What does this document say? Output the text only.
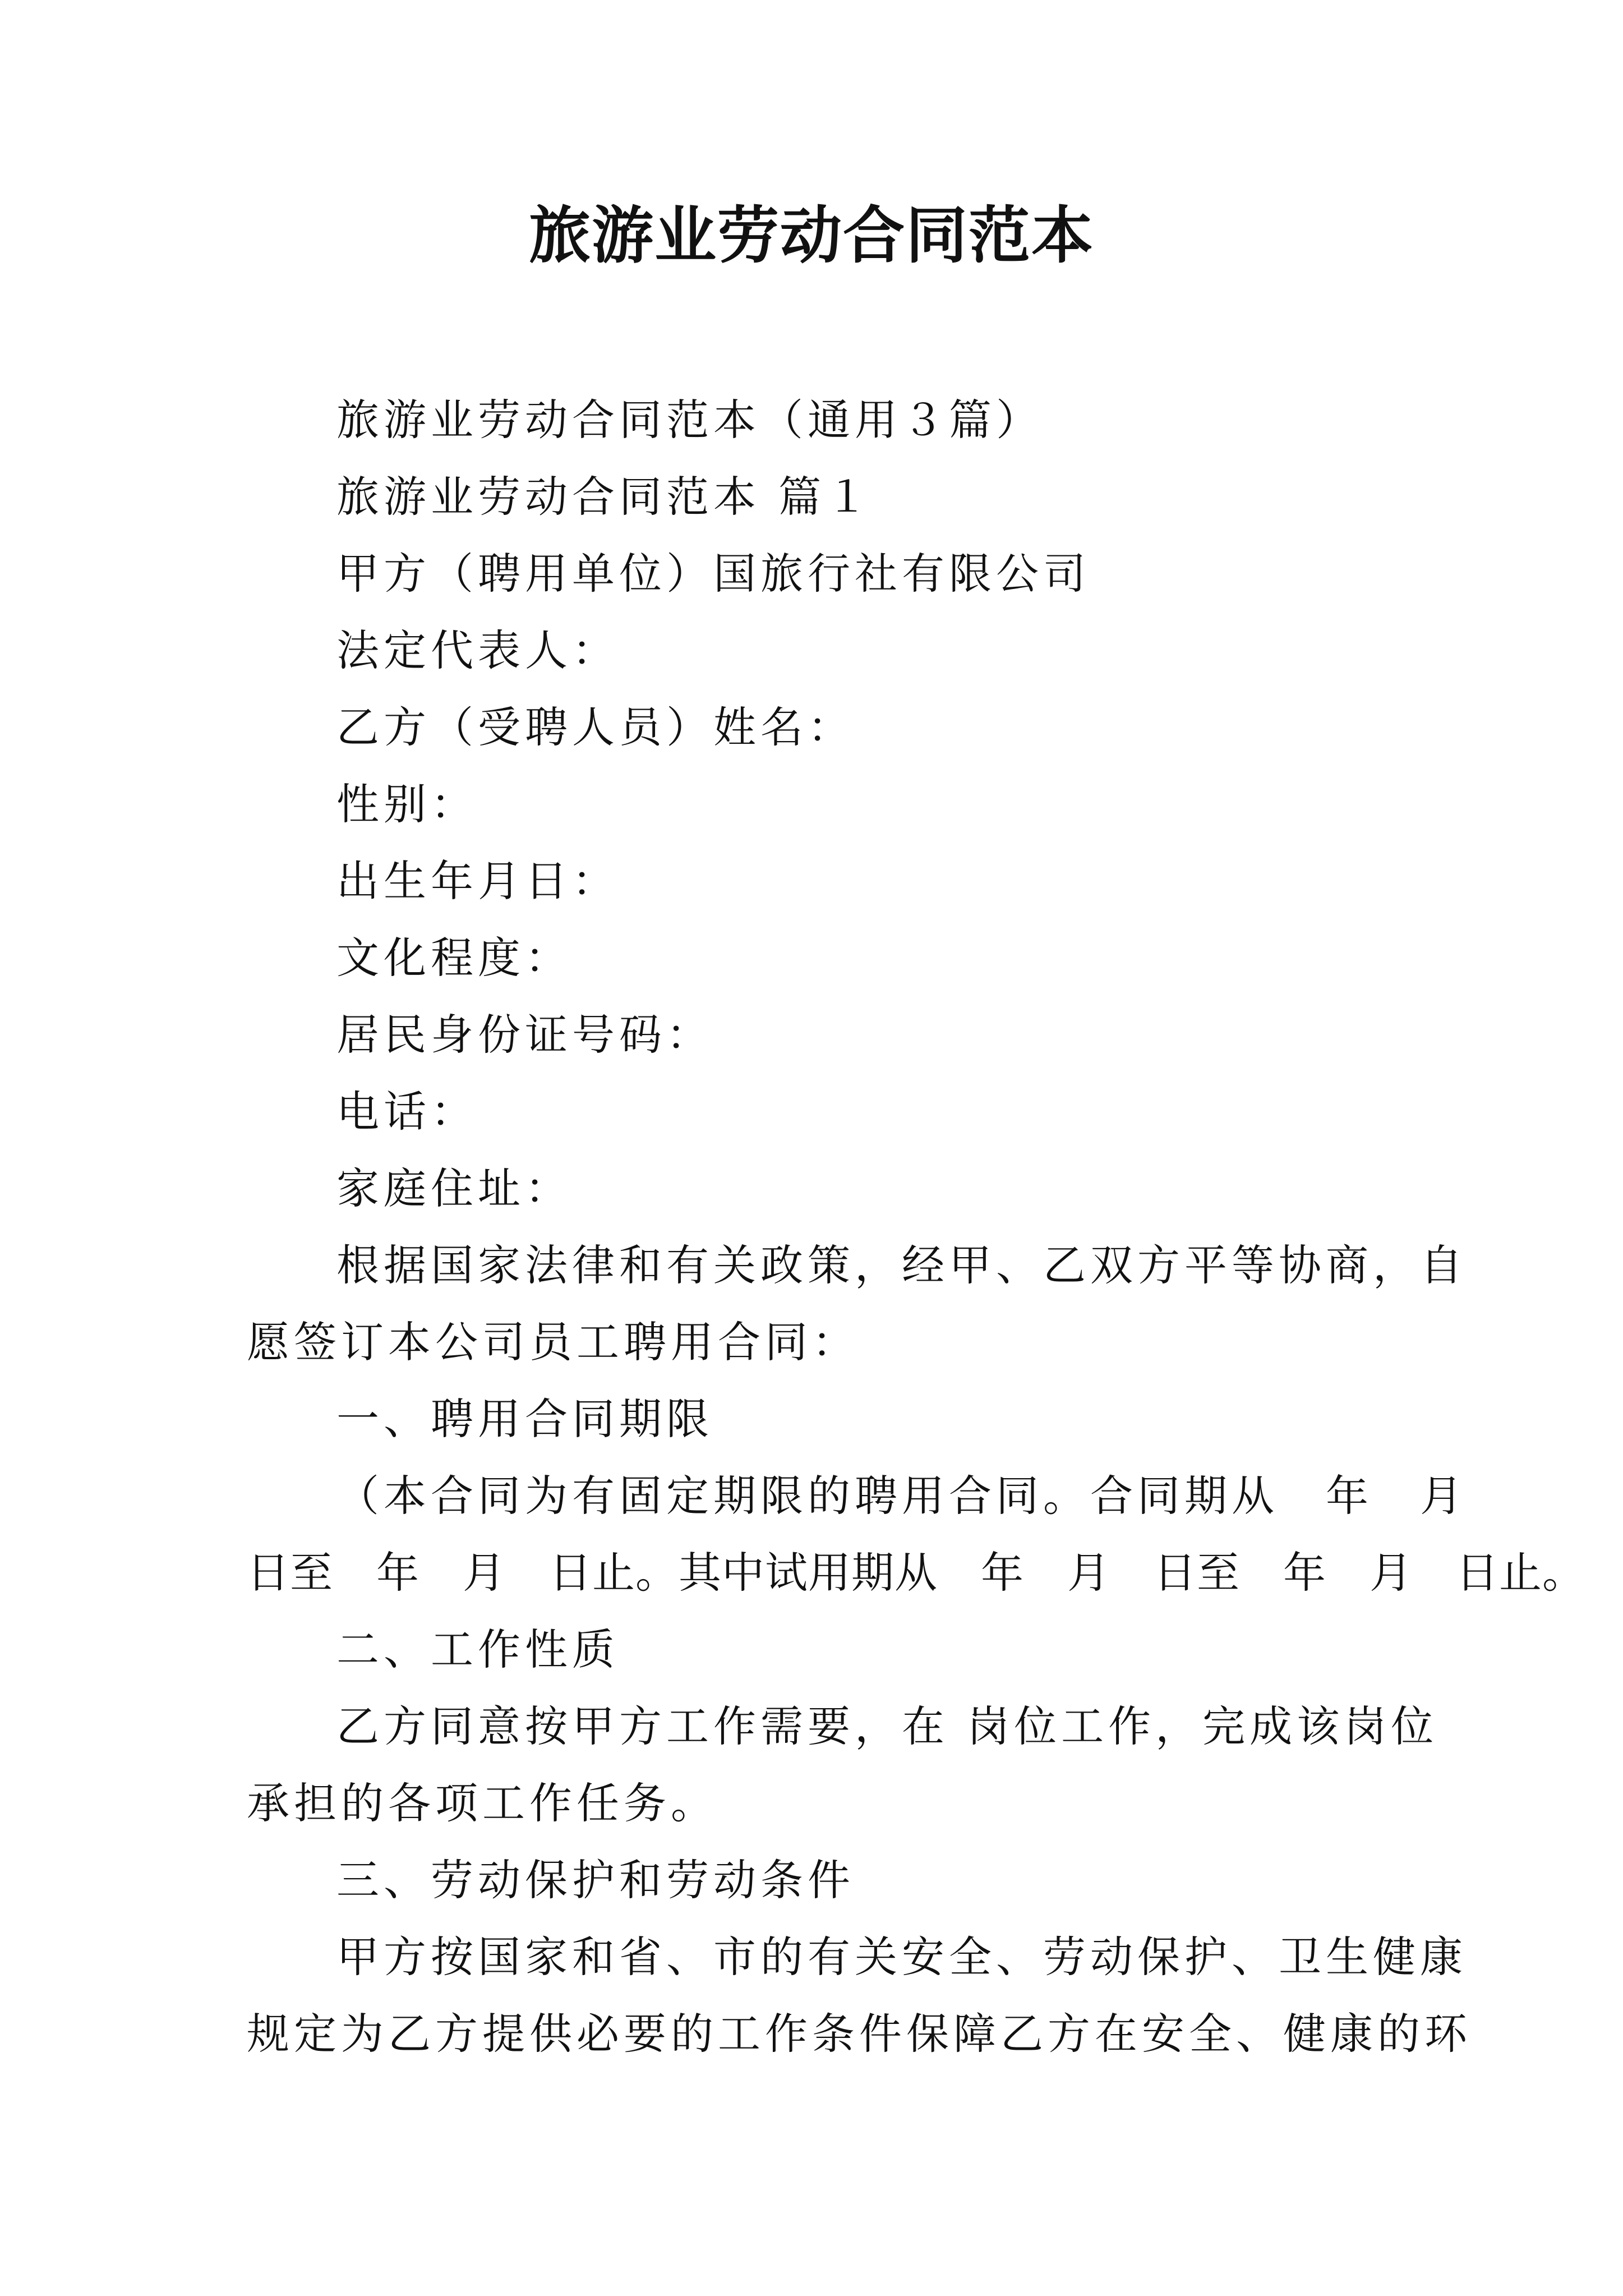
旅游业劳动合同范本

旅游业劳动合同范本（通用３篇）

旅游业劳动合同范本 篇１

甲方（聘用单位）国旅行社有限公司

法定代表人：

乙方（受聘人员）姓名：

性别：

出生年月日：

文化程度：

居民身份证号码：

电话：

家庭住址：

根据国家法律和有关政策，经甲、乙双方平等协商，自

愿签订本公司员工聘用合同：

一、聘用合同期限

（本合同为有固定期限的聘用合同。合同期从　年　月

日至　年　月　日止。其中试用期从　年　月　日至　年　月　日止。

二、工作性质

乙方同意按甲方工作需要，在 岗位工作，完成该岗位

承担的各项工作任务。

三、劳动保护和劳动条件

甲方按国家和省、市的有关安全、劳动保护、卫生健康

规定为乙方提供必要的工作条件保障乙方在安全、健康的环
